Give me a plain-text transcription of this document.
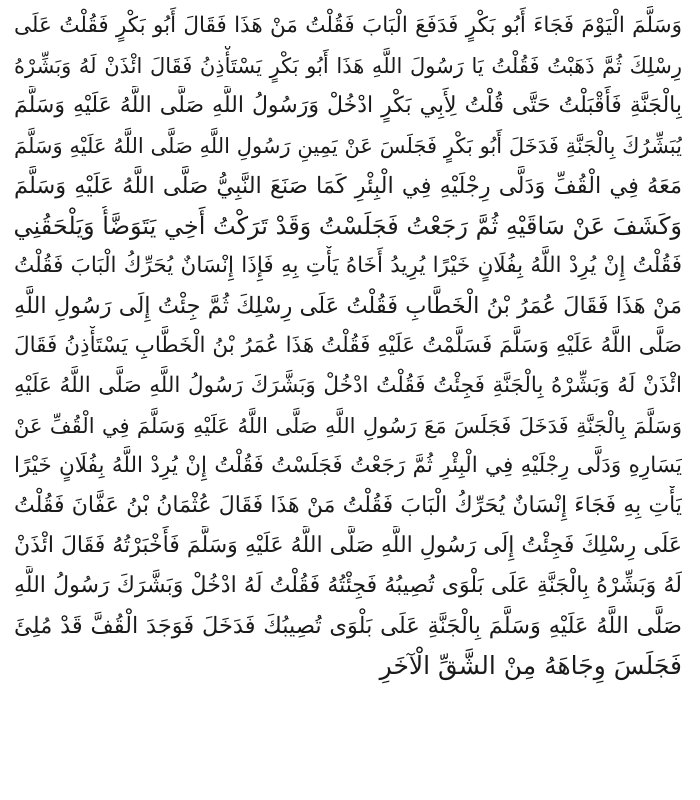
وَسَلَّمَ الْيَوْمَ فَجَاءَ أَبُو بَكْرٍ فَدَفَعَ الْبَابَ فَقُلْتُ مَنْ هَذَا فَقَالَ أَبُو بَكْرٍ فَقُلْتُ عَلَى
رِسْلِكَ ثُمَّ ذَهَبْتُ فَقُلْتُ يَا رَسُولَ اللَّهِ هَذَا أَبُو بَكْرٍ يَسْتَأْذِنُ فَقَالَ ائْذَنْ لَهُ وَبَشِّرْهُ
بِالْجَنَّةِ فَأَقْبَلْتُ حَتَّى قُلْتُ لِأَبِي بَكْرٍ ادْخُلْ وَرَسُولُ اللَّهِ صَلَّى اللَّهُ عَلَيْهِ وَسَلَّمَ
يُبَشِّرُكَ بِالْجَنَّةِ فَدَخَلَ أَبُو بَكْرٍ فَجَلَسَ عَنْ يَمِينِ رَسُولِ اللَّهِ صَلَّى اللَّهُ عَلَيْهِ وَسَلَّمَ
مَعَهُ فِي الْقُفِّ وَدَلَّى رِجْلَيْهِ فِي الْبِئْرِ كَمَا صَنَعَ النَّبِيُّ صَلَّى اللَّهُ عَلَيْهِ وَسَلَّمَ
وَكَشَفَ عَنْ سَاقَيْهِ ثُمَّ رَجَعْتُ فَجَلَسْتُ وَقَدْ تَرَكْتُ أَخِي يَتَوَضَّأُ وَيَلْحَقُنِي
فَقُلْتُ إِنْ يُرِدْ اللَّهُ بِفُلَانٍ خَيْرًا يُرِيدُ أَخَاهُ يَأْتِ بِهِ فَإِذَا إِنْسَانٌ يُحَرِّكُ الْبَابَ فَقُلْتُ
مَنْ هَذَا فَقَالَ عُمَرُ بْنُ الْخَطَّابِ فَقُلْتُ عَلَى رِسْلِكَ ثُمَّ جِئْتُ إِلَى رَسُولِ اللَّهِ
صَلَّى اللَّهُ عَلَيْهِ وَسَلَّمَ فَسَلَّمْتُ عَلَيْهِ فَقُلْتُ هَذَا عُمَرُ بْنُ الْخَطَّابِ يَسْتَأْذِنُ فَقَالَ
ائْذَنْ لَهُ وَبَشِّرْهُ بِالْجَنَّةِ فَجِئْتُ فَقُلْتُ ادْخُلْ وَبَشَّرَكَ رَسُولُ اللَّهِ صَلَّى اللَّهُ عَلَيْهِ
وَسَلَّمَ بِالْجَنَّةِ فَدَخَلَ فَجَلَسَ مَعَ رَسُولِ اللَّهِ صَلَّى اللَّهُ عَلَيْهِ وَسَلَّمَ فِي الْقُفِّ عَنْ
يَسَارِهِ وَدَلَّى رِجْلَيْهِ فِي الْبِئْرِ ثُمَّ رَجَعْتُ فَجَلَسْتُ فَقُلْتُ إِنْ يُرِدْ اللَّهُ بِفُلَانٍ خَيْرًا
يَأْتِ بِهِ فَجَاءَ إِنْسَانٌ يُحَرِّكُ الْبَابَ فَقُلْتُ مَنْ هَذَا فَقَالَ عُثْمَانُ بْنُ عَفَّانَ فَقُلْتُ
عَلَى رِسْلِكَ فَجِئْتُ إِلَى رَسُولِ اللَّهِ صَلَّى اللَّهُ عَلَيْهِ وَسَلَّمَ فَأَخْبَرْتُهُ فَقَالَ ائْذَنْ
لَهُ وَبَشِّرْهُ بِالْجَنَّةِ عَلَى بَلْوَى تُصِيبُهُ فَجِئْتُهُ فَقُلْتُ لَهُ ادْخُلْ وَبَشَّرَكَ رَسُولُ اللَّهِ
صَلَّى اللَّهُ عَلَيْهِ وَسَلَّمَ بِالْجَنَّةِ عَلَى بَلْوَى تُصِيبُكَ فَدَخَلَ فَوَجَدَ الْقُفَّ قَدْ مُلِئَ
فَجَلَسَ وِجَاهَهُ مِنْ الشَّقِّ الْآخَرِ
